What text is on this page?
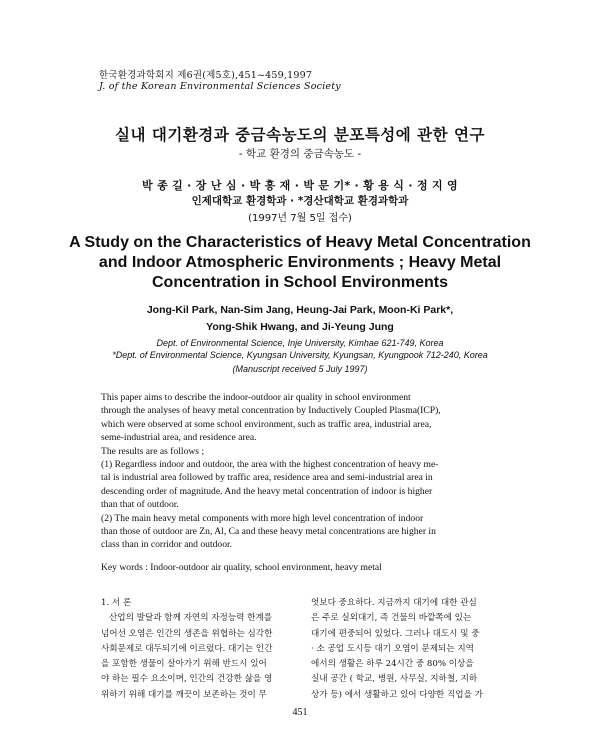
한국환경과학회지 제6권(제5호),451~459,1997
J. of the Korean Environmental Sciences Society
실내 대기환경과 중금속농도의 분포특성에 관한 연구
- 학교 환경의 중금속농도 -
박 종 길 · 장 난 심 · 박 흥 재 · 박 문 기* · 황 용 식 · 정 지 영
인제대학교 환경학과 · *경산대학교 환경과학과
(1997년 7월 5일 접수)
A Study on the Characteristics of Heavy Metal Concentration
and Indoor Atmospheric Environments ; Heavy Metal
Concentration in School Environments
Jong-Kil Park, Nan-Sim Jang, Heung-Jai Park, Moon-Ki Park*,
Yong-Shik Hwang, and Ji-Yeung Jung
Dept. of Environmental Science, Inje University, Kimhae 621-749, Korea
*Dept. of Environmental Science, Kyungsan University, Kyungsan, Kyungpook 712-240, Korea
(Manuscript received 5 July 1997)

This paper aims to describe the indoor-outdoor air quality in school environment

through the analyses of heavy metal concentration by Inductively Coupled Plasma(ICP),

which were observed at some school environment, such as traffic area, industrial area,

seme-industrial area, and residence area.

The results are as follows ;

(1) Regardless indoor and outdoor, the area with the highest concentration of heavy me-

tal is industrial area followed by traffic area, residence area and semi-industrial area in

descending order of magnitude. And the heavy metal concentration of indoor is higher

than that of outdoor.

(2) The main heavy metal components with more high level concentration of indoor

than those of outdoor are Zn, Al, Ca and these heavy metal concentrations are higher in

class than in corridor and outdoor.

Key words : Indoor-outdoor air quality, school environment, heavy metal

1. 서 론

산업의 발달과 함께 자연의 자정능력 한계를

넘어선 오염은 인간의 생존을 위협하는 심각한

사회문제로 대두되기에 이르렀다. 대기는 인간

을 포함한 생물이 살아가기 위해 반드시 있어

야 하는 필수 요소이며, 인간의 건강한 삶을 영

위하기 위해 대기를 깨끗이 보존하는 것이 무

엇보다 중요하다. 지금까지 대기에 대한 관심

은 주로 실외대기, 즉 건물의 바깥쪽에 있는

대기에 편중되어 있었다. 그러나 대도시 및 중

· 소 공업 도시등 대기 오염이 문제되는 지역

에서의 생활은 하루 24시간 중 80% 이상을

실내 공간 ( 학교, 병원, 사무실, 지하철, 지하

상가 등) 에서 생활하고 있어 다양한 직업을 가

451
